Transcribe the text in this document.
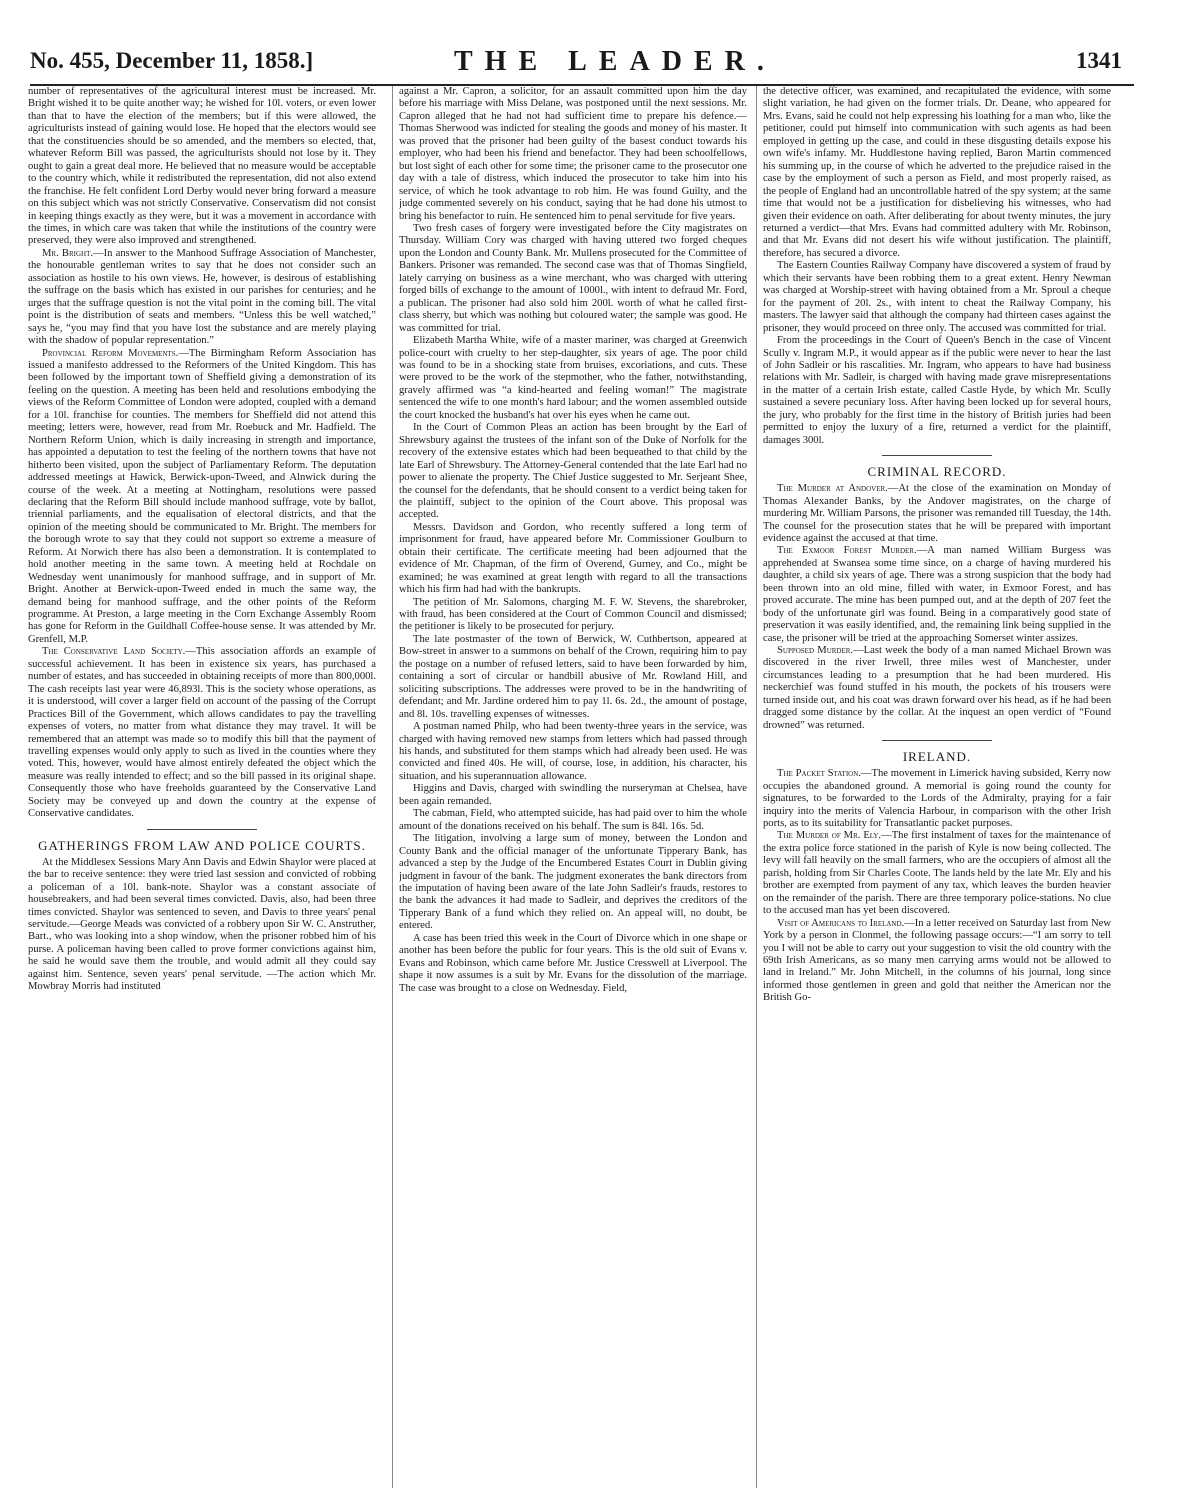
No. 455, December 11, 1858.]	THE LEADER.	1341

number of representatives of the agricultural interest must be increased. Mr. Bright wished it to be quite another way; he wished for 10l. voters, or even lower than that to have the election of the members; but if this were allowed, the agriculturists instead of gaining would lose. He hoped that the electors would see that the constituencies should be so amended, and the members so elected, that, whatever Reform Bill was passed, the agriculturists should not lose by it. They ought to gain a great deal more. He believed that no measure would be acceptable to the country which, while it redistributed the representation, did not also extend the franchise. He felt confident Lord Derby would never bring forward a measure on this subject which was not strictly Conservative. Conservatism did not consist in keeping things exactly as they were, but it was a movement in accordance with the times, in which care was taken that while the institutions of the country were preserved, they were also improved and strengthened.

Mr. Bright.—In answer to the Manhood Suffrage Association of Manchester, the honourable gentleman writes to say that he does not consider such an association as hostile to his own views. He, however, is desirous of establishing the suffrage on the basis which has existed in our parishes for centuries; and he urges that the suffrage question is not the vital point in the coming bill. The vital point is the distribution of seats and members. “Unless this be well watched,” says he, “you may find that you have lost the substance and are merely playing with the shadow of popular representation.”

Provincial Reform Movements.—The Birmingham Reform Association has issued a manifesto addressed to the Reformers of the United Kingdom. This has been followed by the important town of Sheffield giving a demonstration of its feeling on the question. A meeting has been held and resolutions embodying the views of the Reform Committee of London were adopted, coupled with a demand for a 10l. franchise for counties. The members for Sheffield did not attend this meeting; letters were, however, read from Mr. Roebuck and Mr. Hadfield. The Northern Reform Union, which is daily increasing in strength and importance, has appointed a deputation to test the feeling of the northern towns that have not hitherto been visited, upon the subject of Parliamentary Reform. The deputation addressed meetings at Hawick, Berwick-upon-Tweed, and Alnwick during the course of the week. At a meeting at Nottingham, resolutions were passed declaring that the Reform Bill should include manhood suffrage, vote by ballot, triennial parliaments, and the equalisation of electoral districts, and that the opinion of the meeting should be communicated to Mr. Bright. The members for the borough wrote to say that they could not support so extreme a measure of Reform. At Norwich there has also been a demonstration. It is contemplated to hold another meeting in the same town. A meeting held at Rochdale on Wednesday went unanimously for manhood suffrage, and in support of Mr. Bright. Another at Berwick-upon-Tweed ended in much the same way, the demand being for manhood suffrage, and the other points of the Reform programme. At Preston, a large meeting in the Corn Exchange Assembly Room has gone for Reform in the Guildhall Coffee-house sense. It was attended by Mr. Grenfell, M.P.

The Conservative Land Society.—This association affords an example of successful achievement. It has been in existence six years, has purchased a number of estates, and has succeeded in obtaining receipts of more than 800,000l. The cash receipts last year were 46,893l. This is the society whose operations, as it is understood, will cover a larger field on account of the passing of the Corrupt Practices Bill of the Government, which allows candidates to pay the travelling expenses of voters, no matter from what distance they may travel. It will be remembered that an attempt was made so to modify this bill that the payment of travelling expenses would only apply to such as lived in the counties where they voted. This, however, would have almost entirely defeated the object which the measure was really intended to effect; and so the bill passed in its original shape. Consequently those who have freeholds guaranteed by the Conservative Land Society may be conveyed up and down the country at the expense of Conservative candidates.

GATHERINGS FROM LAW AND POLICE COURTS.

At the Middlesex Sessions Mary Ann Davis and Edwin Shaylor were placed at the bar to receive sentence: they were tried last session and convicted of robbing a policeman of a 10l. bank-note. Shaylor was a constant associate of housebreakers, and had been several times convicted. Davis, also, had been three times convicted. Shaylor was sentenced to seven, and Davis to three years' penal servitude.—George Meads was convicted of a robbery upon Sir W. C. Anstruther, Bart., who was looking into a shop window, when the prisoner robbed him of his purse. A policeman having been called to prove former convictions against him, he said he would save them the trouble, and would admit all they could say against him. Sentence, seven years' penal servitude. —The action which Mr. Mowbray Morris had instituted

against a Mr. Capron, a solicitor, for an assault committed upon him the day before his marriage with Miss Delane, was postponed until the next sessions. Mr. Capron alleged that he had not had sufficient time to prepare his defence.—Thomas Sherwood was indicted for stealing the goods and money of his master. It was proved that the prisoner had been guilty of the basest conduct towards his employer, who had been his friend and benefactor. They had been schoolfellows, but lost sight of each other for some time; the prisoner came to the prosecutor one day with a tale of distress, which induced the prosecutor to take him into his service, of which he took advantage to rob him. He was found Guilty, and the judge commented severely on his conduct, saying that he had done his utmost to bring his benefactor to ruin. He sentenced him to penal servitude for five years.

Two fresh cases of forgery were investigated before the City magistrates on Thursday. William Cory was charged with having uttered two forged cheques upon the London and County Bank. Mr. Mullens prosecuted for the Committee of Bankers. Prisoner was remanded. The second case was that of Thomas Singfield, lately carrying on business as a wine merchant, who was charged with uttering forged bills of exchange to the amount of 1000l., with intent to defraud Mr. Ford, a publican. The prisoner had also sold him 200l. worth of what he called first-class sherry, but which was nothing but coloured water; the sample was good. He was committed for trial.

Elizabeth Martha White, wife of a master mariner, was charged at Greenwich police-court with cruelty to her step-daughter, six years of age. The poor child was found to be in a shocking state from bruises, excoriations, and cuts. These were proved to be the work of the stepmother, who the father, notwithstanding, gravely affirmed was “a kind-hearted and feeling woman!” The magistrate sentenced the wife to one month's hard labour; and the women assembled outside the court knocked the husband's hat over his eyes when he came out.

In the Court of Common Pleas an action has been brought by the Earl of Shrewsbury against the trustees of the infant son of the Duke of Norfolk for the recovery of the extensive estates which had been bequeathed to that child by the late Earl of Shrewsbury. The Attorney-General contended that the late Earl had no power to alienate the property. The Chief Justice suggested to Mr. Serjeant Shee, the counsel for the defendants, that he should consent to a verdict being taken for the plaintiff, subject to the opinion of the Court above. This proposal was accepted.

Messrs. Davidson and Gordon, who recently suffered a long term of imprisonment for fraud, have appeared before Mr. Commissioner Goulburn to obtain their certificate. The certificate meeting had been adjourned that the evidence of Mr. Chapman, of the firm of Overend, Gurney, and Co., might be examined; he was examined at great length with regard to all the transactions which his firm had had with the bankrupts.

The petition of Mr. Salomons, charging M. F. W. Stevens, the sharebroker, with fraud, has been considered at the Court of Common Council and dismissed; the petitioner is likely to be prosecuted for perjury.

The late postmaster of the town of Berwick, W. Cuthbertson, appeared at Bow-street in answer to a summons on behalf of the Crown, requiring him to pay the postage on a number of refused letters, said to have been forwarded by him, containing a sort of circular or handbill abusive of Mr. Rowland Hill, and soliciting subscriptions. The addresses were proved to be in the handwriting of defendant; and Mr. Jardine ordered him to pay 1l. 6s. 2d., the amount of postage, and 8l. 10s. travelling expenses of witnesses.

A postman named Philp, who had been twenty-three years in the service, was charged with having removed new stamps from letters which had passed through his hands, and substituted for them stamps which had already been used. He was convicted and fined 40s. He will, of course, lose, in addition, his character, his situation, and his superannuation allowance.

Higgins and Davis, charged with swindling the nurseryman at Chelsea, have been again remanded.

The cabman, Field, who attempted suicide, has had paid over to him the whole amount of the donations received on his behalf. The sum is 84l. 16s. 5d.

The litigation, involving a large sum of money, between the London and County Bank and the official manager of the unfortunate Tipperary Bank, has advanced a step by the Judge of the Encumbered Estates Court in Dublin giving judgment in favour of the bank. The judgment exonerates the bank directors from the imputation of having been aware of the late John Sadleir's frauds, restores to the bank the advances it had made to Sadleir, and deprives the creditors of the Tipperary Bank of a fund which they relied on. An appeal will, no doubt, be entered.

A case has been tried this week in the Court of Divorce which in one shape or another has been before the public for four years. This is the old suit of Evans v. Evans and Robinson, which came before Mr. Justice Cresswell at Liverpool. The shape it now assumes is a suit by Mr. Evans for the dissolution of the marriage. The case was brought to a close on Wednesday. Field,

the detective officer, was examined, and recapitulated the evidence, with some slight variation, he had given on the former trials. Dr. Deane, who appeared for Mrs. Evans, said he could not help expressing his loathing for a man who, like the petitioner, could put himself into communication with such agents as had been employed in getting up the case, and could in these disgusting details expose his own wife's infamy. Mr. Huddlestone having replied, Baron Martin commenced his summing up, in the course of which he adverted to the prejudice raised in the case by the employment of such a person as Field, and most properly raised, as the people of England had an uncontrollable hatred of the spy system; at the same time that would not be a justification for disbelieving his witnesses, who had given their evidence on oath. After deliberating for about twenty minutes, the jury returned a verdict—that Mrs. Evans had committed adultery with Mr. Robinson, and that Mr. Evans did not desert his wife without justification. The plaintiff, therefore, has secured a divorce.

The Eastern Counties Railway Company have discovered a system of fraud by which their servants have been robbing them to a great extent. Henry Newman was charged at Worship-street with having obtained from a Mr. Sproul a cheque for the payment of 20l. 2s., with intent to cheat the Railway Company, his masters. The lawyer said that although the company had thirteen cases against the prisoner, they would proceed on three only. The accused was committed for trial.

From the proceedings in the Court of Queen's Bench in the case of Vincent Scully v. Ingram M.P., it would appear as if the public were never to hear the last of John Sadleir or his rascalities. Mr. Ingram, who appears to have had business relations with Mr. Sadleir, is charged with having made grave misrepresentations in the matter of a certain Irish estate, called Castle Hyde, by which Mr. Scully sustained a severe pecuniary loss. After having been locked up for several hours, the jury, who probably for the first time in the history of British juries had been permitted to enjoy the luxury of a fire, returned a verdict for the plaintiff, damages 300l.

CRIMINAL RECORD.

The Murder at Andover.—At the close of the examination on Monday of Thomas Alexander Banks, by the Andover magistrates, on the charge of murdering Mr. William Parsons, the prisoner was remanded till Tuesday, the 14th. The counsel for the prosecution states that he will be prepared with important evidence against the accused at that time.

The Exmoor Forest Murder.—A man named William Burgess was apprehended at Swansea some time since, on a charge of having murdered his daughter, a child six years of age. There was a strong suspicion that the body had been thrown into an old mine, filled with water, in Exmoor Forest, and has proved accurate. The mine has been pumped out, and at the depth of 207 feet the body of the unfortunate girl was found. Being in a comparatively good state of preservation it was easily identified, and, the remaining link being supplied in the case, the prisoner will be tried at the approaching Somerset winter assizes.

Supposed Murder.—Last week the body of a man named Michael Brown was discovered in the river Irwell, three miles west of Manchester, under circumstances leading to a presumption that he had been murdered. His neckerchief was found stuffed in his mouth, the pockets of his trousers were turned inside out, and his coat was drawn forward over his head, as if he had been dragged some distance by the collar. At the inquest an open verdict of “Found drowned” was returned.

IRELAND.

The Packet Station.—The movement in Limerick having subsided, Kerry now occupies the abandoned ground. A memorial is going round the county for signatures, to be forwarded to the Lords of the Admiralty, praying for a fair inquiry into the merits of Valencia Harbour, in comparison with the other Irish ports, as to its suitability for Transatlantic packet purposes.

The Murder of Mr. Ely.—The first instalment of taxes for the maintenance of the extra police force stationed in the parish of Kyle is now being collected. The levy will fall heavily on the small farmers, who are the occupiers of almost all the parish, holding from Sir Charles Coote. The lands held by the late Mr. Ely and his brother are exempted from payment of any tax, which leaves the burden heavier on the remainder of the parish. There are three temporary police-stations. No clue to the accused man has yet been discovered.

Visit of Americans to Ireland.—In a letter received on Saturday last from New York by a person in Clonmel, the following passage occurs:—“I am sorry to tell you I will not be able to carry out your suggestion to visit the old country with the 69th Irish Americans, as so many men carrying arms would not be allowed to land in Ireland.” Mr. John Mitchell, in the columns of his journal, long since informed those gentlemen in green and gold that neither the American nor the British Go-
